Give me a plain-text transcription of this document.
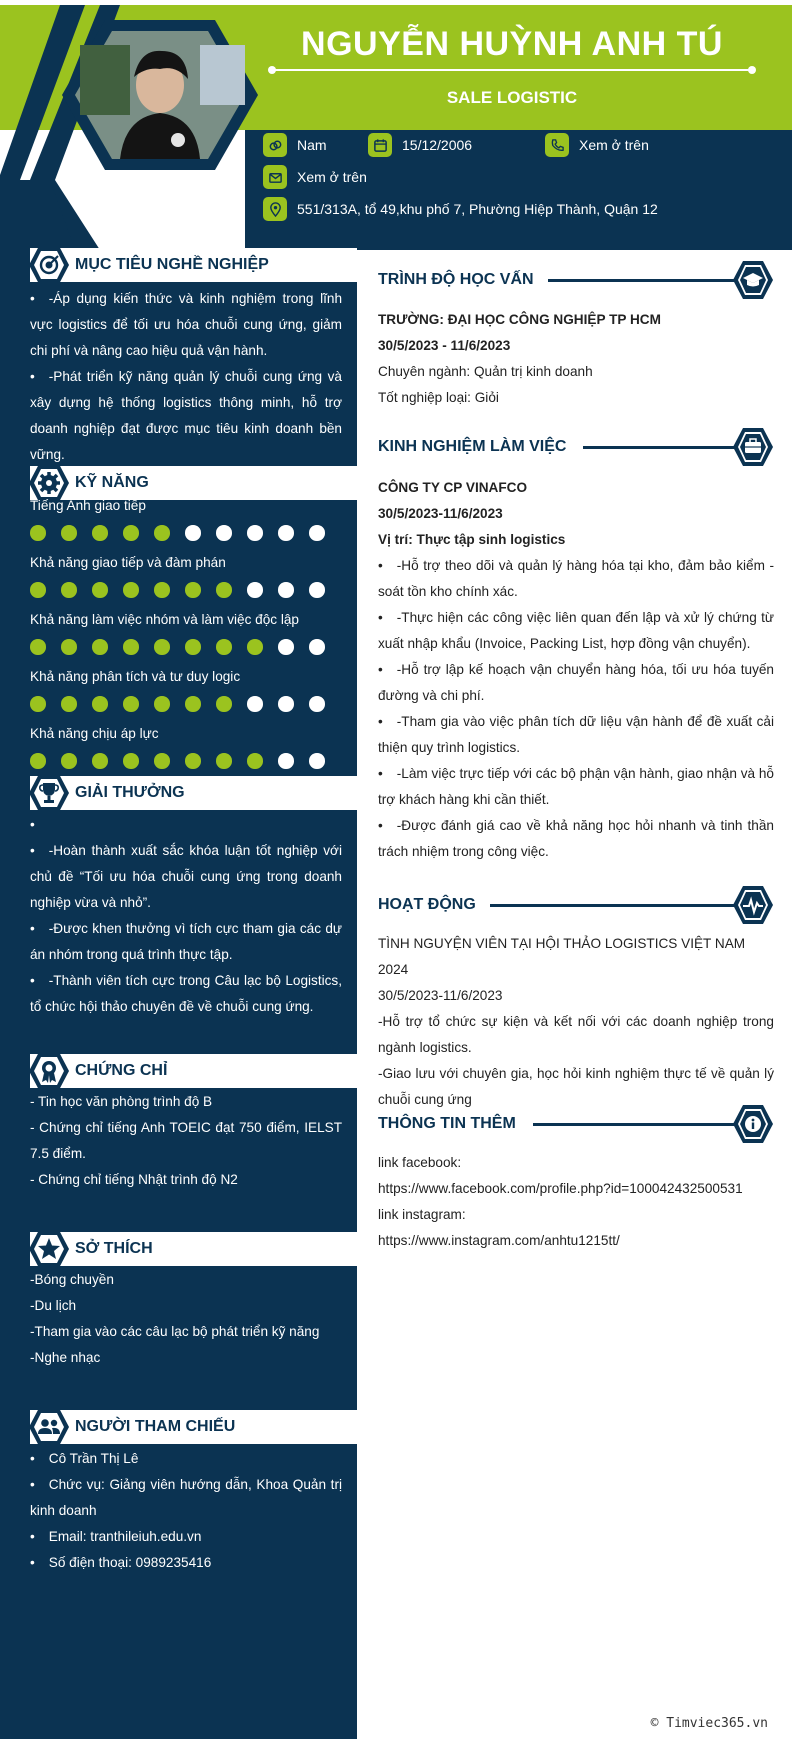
NGUYỄN HUỲNH ANH TÚ
SALE LOGISTIC
Nam	15/12/2006	Xem ở trên
Xem ở trên
551/313A, tổ 49,khu phố 7, Phường Hiệp Thành, Quận 12
MỤC TIÊU NGHỀ NGHIỆP
• -Áp dụng kiến thức và kinh nghiệm trong lĩnh vực logistics để tối ưu hóa chuỗi cung ứng, giảm chi phí và nâng cao hiệu quả vận hành.
• -Phát triển kỹ năng quản lý chuỗi cung ứng và xây dựng hệ thống logistics thông minh, hỗ trợ doanh nghiệp đạt được mục tiêu kinh doanh bền vững.
KỸ NĂNG
Tiếng Anh giao tiếp
Khả năng giao tiếp và đàm phán
Khả năng làm việc nhóm và làm việc độc lập
Khả năng phân tích và tư duy logic
Khả năng chịu áp lực
GIẢI THƯỞNG
•
• -Hoàn thành xuất sắc khóa luận tốt nghiệp với chủ đề “Tối ưu hóa chuỗi cung ứng trong doanh nghiệp vừa và nhỏ”.
• -Được khen thưởng vì tích cực tham gia các dự án nhóm trong quá trình thực tập.
• -Thành viên tích cực trong Câu lạc bộ Logistics, tổ chức hội thảo chuyên đề về chuỗi cung ứng.
CHỨNG CHỈ
- Tin học văn phòng trình độ B
- Chứng chỉ tiếng Anh TOEIC đạt 750 điểm, IELST 7.5 điểm.
- Chứng chỉ tiếng Nhật trình độ N2
SỞ THÍCH
-Bóng chuyền
-Du lịch
-Tham gia vào các câu lạc bộ phát triển kỹ năng
-Nghe nhạc
NGƯỜI THAM CHIẾU
• Cô Trần Thị Lê
• Chức vụ: Giảng viên hướng dẫn, Khoa Quản trị kinh doanh
• Email: tranthileiuh.edu.vn
• Số điện thoại: 0989235416
TRÌNH ĐỘ HỌC VẤN
TRƯỜNG: ĐẠI HỌC CÔNG NGHIỆP TP HCM
30/5/2023 - 11/6/2023
Chuyên ngành: Quản trị kinh doanh
Tốt nghiệp loại: Giỏi
KINH NGHIỆM LÀM VIỆC
CÔNG TY CP VINAFCO
30/5/2023-11/6/2023
Vị trí: Thực tập sinh logistics
• -Hỗ trợ theo dõi và quản lý hàng hóa tại kho, đảm bảo kiểm -soát tồn kho chính xác.
• -Thực hiện các công việc liên quan đến lập và xử lý chứng từ xuất nhập khẩu (Invoice, Packing List, hợp đồng vận chuyển).
• -Hỗ trợ lập kế hoạch vận chuyển hàng hóa, tối ưu hóa tuyến đường và chi phí.
• -Tham gia vào việc phân tích dữ liệu vận hành để đề xuất cải thiện quy trình logistics.
• -Làm việc trực tiếp với các bộ phận vận hành, giao nhận và hỗ trợ khách hàng khi cần thiết.
• -Được đánh giá cao về khả năng học hỏi nhanh và tinh thần trách nhiệm trong công việc.
HOẠT ĐỘNG
TÌNH NGUYỆN VIÊN TẠI HỘI THẢO LOGISTICS VIỆT NAM 2024
30/5/2023-11/6/2023
-Hỗ trợ tổ chức sự kiện và kết nối với các doanh nghiệp trong ngành logistics.
-Giao lưu với chuyên gia, học hỏi kinh nghiệm thực tế về quản lý chuỗi cung ứng
THÔNG TIN THÊM
link facebook:
https://www.facebook.com/profile.php?id=100042432500531
link instagram:
https://www.instagram.com/anhtu1215tt/
© Timviec365.vn
